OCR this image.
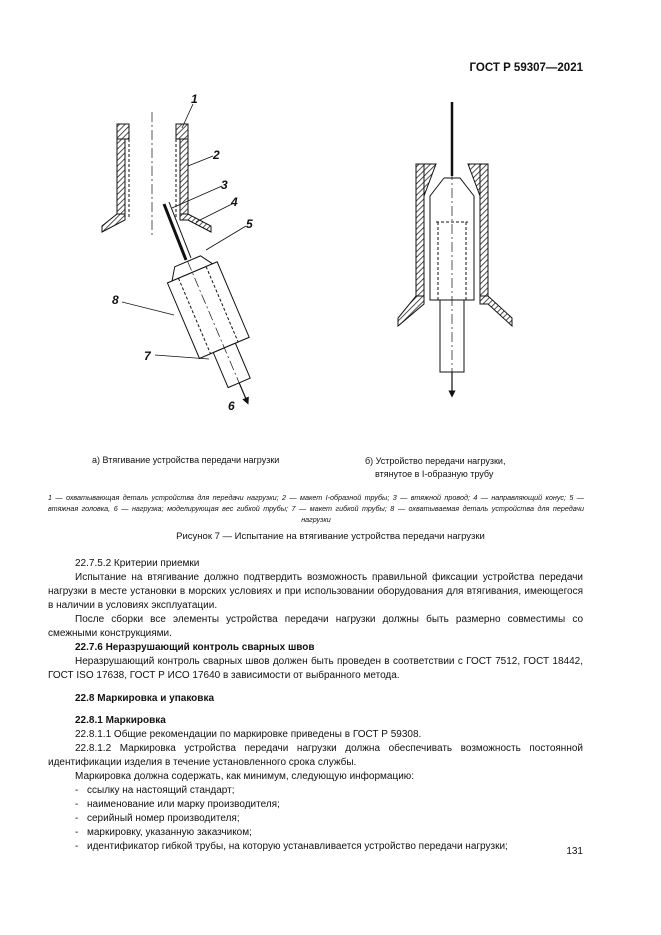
ГОСТ Р 59307—2021
1
2
3
4
5
8
7
6
а) Втягивание устройства передачи нагрузки	б) Устройство передачи нагрузки,
втянутое в I-образную трубу
1 — охватывающая деталь устройства для передачи нагрузки; 2 — макет I-образной трубы; 3 — втяжной провод; 4 — направляющий конус; 5 — втяжная головка, 6 — нагрузка; моделирующая вес гибкой трубы; 7 — макет гибкой трубы; 8 — охватываемая деталь устройства для передачи нагрузки
Рисунок 7 — Испытание на втягивание устройства передачи нагрузки

22.7.5.2 Критерии приемки

Испытание на втягивание должно подтвердить возможность правильной фиксации устройства передачи нагрузки в месте установки в морских условиях и при использовании оборудования для втягивания, имеющегося в наличии в условиях эксплуатации.

После сборки все элементы устройства передачи нагрузки должны быть размерно совместимы со смежными конструкциями.

22.7.6 Неразрушающий контроль сварных швов

Неразрушающий контроль сварных швов должен быть проведен в соответствии с ГОСТ 7512, ГОСТ 18442, ГОСТ ISO 17638, ГОСТ Р ИСО 17640 в зависимости от выбранного метода.

22.8 Маркировка и упаковка

22.8.1 Маркировка

22.8.1.1 Общие рекомендации по маркировке приведены в ГОСТ Р 59308.

22.8.1.2 Маркировка устройства передачи нагрузки должна обеспечивать возможность постоянной идентификации изделия в течение установленного срока службы.

Маркировка должна содержать, как минимум, следующую информацию:

- ссылку на настоящий стандарт;
- наименование или марку производителя;
- серийный номер производителя;
- маркировку, указанную заказчиком;
- идентификатор гибкой трубы, на которую устанавливается устройство передачи нагрузки;	131
